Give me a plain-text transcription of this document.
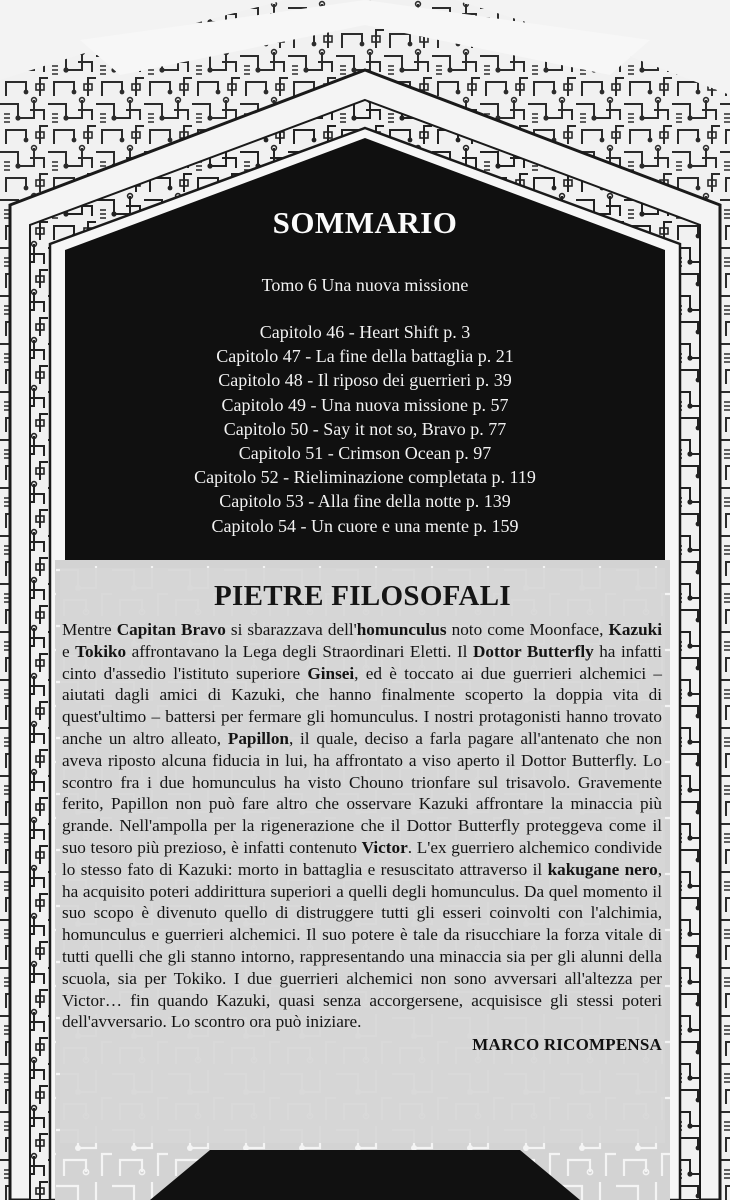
SOMMARIO
Tomo 6 Una nuova missione
Capitolo 46 - Heart Shift p. 3
Capitolo 47 - La fine della battaglia p. 21
Capitolo 48 - Il riposo dei guerrieri p. 39
Capitolo 49 - Una nuova missione p. 57
Capitolo 50 - Say it not so, Bravo p. 77
Capitolo 51 - Crimson Ocean p. 97
Capitolo 52 - Rieliminazione completata p. 119
Capitolo 53 - Alla fine della notte p. 139
Capitolo 54 - Un cuore e una mente p. 159
PIETRE FILOSOFALI

Mentre Capitan Bravo si sbarazzava dell'homunculus noto come Moonface, Kazuki e Tokiko affrontavano la Lega degli Straordinari Eletti. Il Dottor Butterfly ha infatti cinto d'assedio l'istituto superiore Ginsei, ed è toccato ai due guerrieri alchemici – aiutati dagli amici di Kazuki, che hanno finalmente scoperto la doppia vita di quest'ultimo – battersi per fermare gli homunculus. I nostri protagonisti hanno trovato anche un altro alleato, Papillon, il quale, deciso a farla pagare all'antenato che non aveva riposto alcuna fiducia in lui, ha affrontato a viso aperto il Dottor Butterfly. Lo scontro fra i due homunculus ha visto Chouno trionfare sul trisavolo. Gravemente ferito, Papillon non può fare altro che osservare Kazuki affrontare la minaccia più grande. Nell'ampolla per la rigenerazione che il Dottor Butterfly proteggeva come il suo tesoro più prezioso, è infatti contenuto Victor. L'ex guerriero alchemico condivide lo stesso fato di Kazuki: morto in battaglia e resuscitato attraverso il kakugane nero, ha acquisito poteri addirittura superiori a quelli degli homunculus. Da quel momento il suo scopo è divenuto quello di distruggere tutti gli esseri coinvolti con l'alchimia, homunculus e guerrieri alchemici. Il suo potere è tale da risucchiare la forza vitale di tutti quelli che gli stanno intorno, rappresentando una minaccia sia per gli alunni della scuola, sia per Tokiko. I due guerrieri alchemici non sono avversari all'altezza per Victor… fin quando Kazuki, quasi senza accorgersene, acquisisce gli stessi poteri dell'avversario. Lo scontro ora può iniziare.

MARCO RICOMPENSA
